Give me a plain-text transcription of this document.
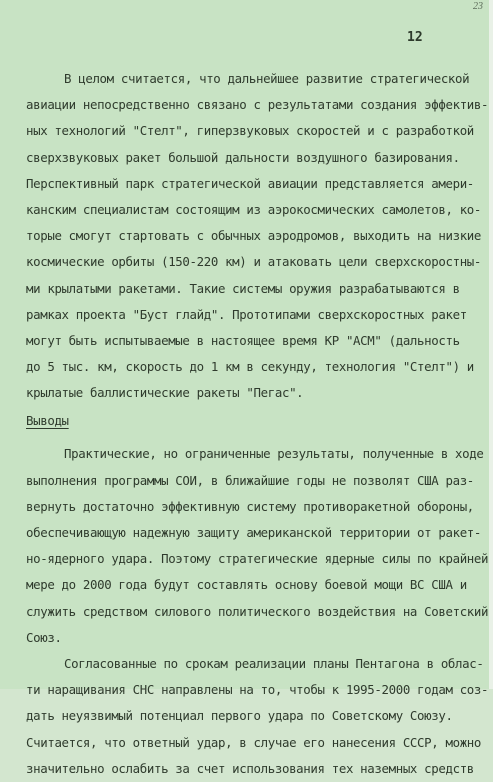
23
12
В целом считается, что дальнейшее развитие стратегической
авиации непосредственно связано с результатами создания эффектив-
ных технологий "Стелт", гиперзвуковых скоростей и с разработкой
сверхзвуковых ракет большой дальности воздушного базирования.
Перспективный парк стратегической авиации представляется амери-
канским специалистам состоящим из аэрокосмических самолетов, ко-
торые смогут стартовать с обычных аэродромов, выходить на низкие
космические орбиты (150-220 км) и атаковать цели сверхскоростны-
ми крылатыми ракетами. Такие системы оружия разрабатываются в
рамках проекта "Буст глайд". Прототипами сверхскоростных ракет
могут быть испытываемые в настоящее время КР "АСМ" (дальность
до 5 тыс. км, скорость до 1 км в секунду, технология "Стелт") и
крылатые баллистические ракеты "Пегас".
Выводы
Практические, но ограниченные результаты, полученные в ходе
выполнения программы СОИ, в ближайшие годы не позволят США раз-
вернуть достаточно эффективную систему противоракетной обороны,
обеспечивающую надежную защиту американской территории от ракет-
но-ядерного удара. Поэтому стратегические ядерные силы по крайней
мере до 2000 года будут составлять основу боевой мощи ВС США и
служить средством силового политического воздействия на Советский
Союз.
Согласованные по срокам реализации планы Пентагона в облас-
ти наращивания СНС направлены на то, чтобы к 1995-2000 годам соз-
дать неуязвимый потенциал первого удара по Советскому Союзу.
Считается, что ответный удар, в случае его нанесения СССР, можно
значительно ослабить за счет использования тех наземных средств
